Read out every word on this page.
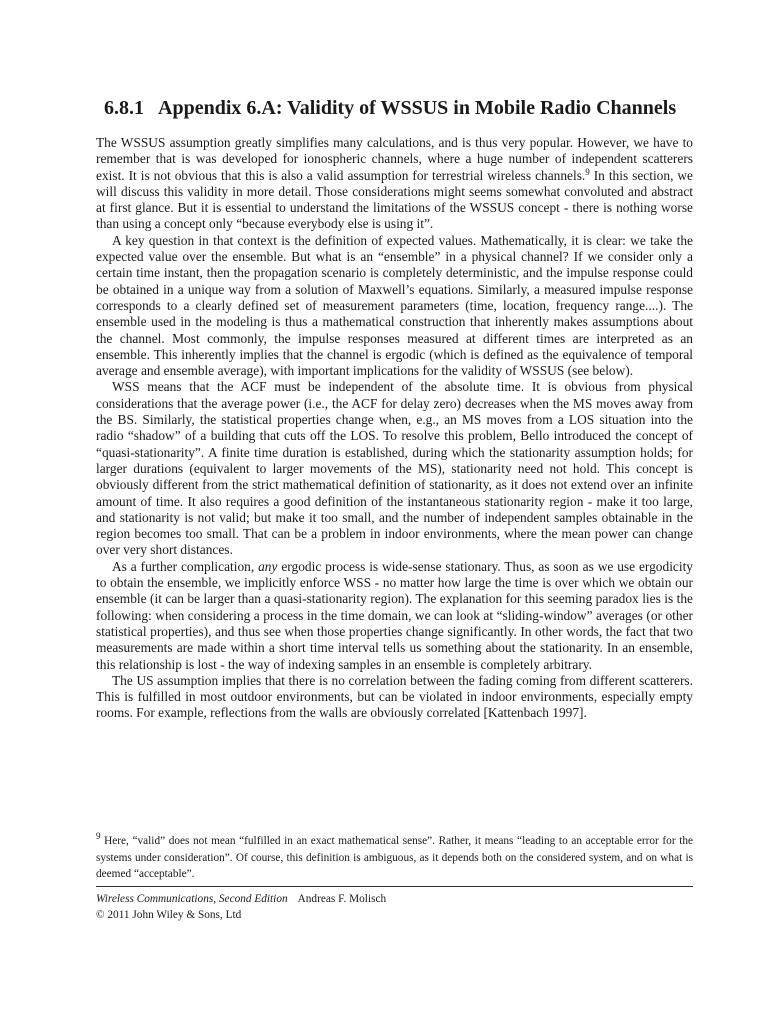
6.8.1 Appendix 6.A: Validity of WSSUS in Mobile Radio Channels

The WSSUS assumption greatly simplifies many calculations, and is thus very popular. However, we have to remember that is was developed for ionospheric channels, where a huge number of independent scatterers exist. It is not obvious that this is also a valid assumption for terrestrial wireless channels.$^9$ In this section, we will discuss this validity in more detail. Those considerations might seems somewhat convoluted and abstract at first glance. But it is essential to understand the limitations of the WSSUS concept - there is nothing worse than using a concept only “because everybody else is using it”.

A key question in that context is the definition of expected values. Mathematically, it is clear: we take the expected value over the ensemble. But what is an “ensemble” in a physical channel? If we consider only a certain time instant, then the propagation scenario is completely deterministic, and the impulse response could be obtained in a unique way from a solution of Maxwell’s equations. Similarly, a measured impulse response corresponds to a clearly defined set of measurement parameters (time, location, frequency range....). The ensemble used in the modeling is thus a mathematical construction that inherently makes assumptions about the channel. Most commonly, the impulse responses measured at different times are interpreted as an ensemble. This inherently implies that the channel is ergodic (which is defined as the equivalence of temporal average and ensemble average), with important implications for the validity of WSSUS (see below).

WSS means that the ACF must be independent of the absolute time. It is obvious from physical considerations that the average power (i.e., the ACF for delay zero) decreases when the MS moves away from the BS. Similarly, the statistical properties change when, e.g., an MS moves from a LOS situation into the radio “shadow” of a building that cuts off the LOS. To resolve this problem, Bello introduced the concept of “quasi-stationarity”. A finite time duration is established, during which the stationarity assumption holds; for larger durations (equivalent to larger movements of the MS), stationarity need not hold. This concept is obviously different from the strict mathematical definition of stationarity, as it does not extend over an infinite amount of time. It also requires a good definition of the instantaneous stationarity region - make it too large, and stationarity is not valid; but make it too small, and the number of independent samples obtainable in the region becomes too small. That can be a problem in indoor environments, where the mean power can change over very short distances.

As a further complication, any ergodic process is wide-sense stationary. Thus, as soon as we use ergodicity to obtain the ensemble, we implicitly enforce WSS - no matter how large the time is over which we obtain our ensemble (it can be larger than a quasi-stationarity region). The explanation for this seeming paradox lies is the following: when considering a process in the time domain, we can look at “sliding-window” averages (or other statistical properties), and thus see when those properties change significantly. In other words, the fact that two measurements are made within a short time interval tells us something about the stationarity. In an ensemble, this relationship is lost - the way of indexing samples in an ensemble is completely arbitrary.

The US assumption implies that there is no correlation between the fading coming from different scatterers. This is fulfilled in most outdoor environments, but can be violated in indoor environments, especially empty rooms. For example, reflections from the walls are obviously correlated [Kattenbach 1997].

$^9$ Here, “valid” does not mean “fulfilled in an exact mathematical sense”. Rather, it means “leading to an acceptable error for the systems under consideration”. Of course, this definition is ambiguous, as it depends both on the considered system, and on what is deemed “acceptable”.
Wireless Communications, Second Edition Andreas F. Molisch
© 2011 John Wiley & Sons, Ltd
